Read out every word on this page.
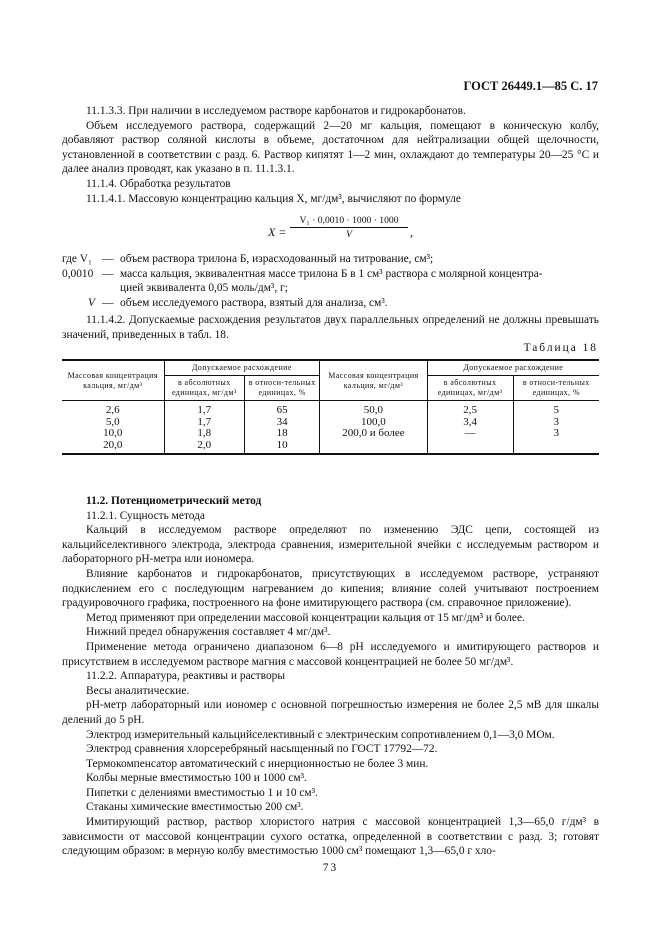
ГОСТ 26449.1—85 С. 17

11.1.3.3. При наличии в исследуемом растворе карбонатов и гидрокарбонатов.

Объем исследуемого раствора, содержащий 2—20 мг кальция, помещают в коническую колбу, добавляют раствор соляной кислоты в объеме, достаточном для нейтрализации общей щелочности, установленной в соответствии с разд. 6. Раствор кипятят 1—2 мин, охлаждают до температуры 20—25 °С и далее анализ проводят, как указано в п. 11.1.3.1.

11.1.4. Обработка результатов

11.1.4.1. Массовую концентрацию кальция X, мг/дм³, вычисляют по формуле

$X = \frac{\text{V₁ · 0,0010 · 1000 · 1000}}{V}$ ,
где V₁ — объем раствора трилона Б, израсходованный на титрование, см³;
0,0010 — масса кальция, эквивалентная массе трилона Б в 1 см³ раствора с молярной концентра-
цией эквивалента 0,05 моль/дм³, г;
V — объем исследуемого раствора, взятый для анализа, см³.

11.1.4.2. Допускаемые расхождения результатов двух параллельных определений не должны превышать значений, приведенных в табл. 18.

Таблица 18
Массовая концентрация кальция, мг/дм³	Допускаемое расхождение		Массовая концентрация кальция, мг/дм³	Допускаемое расхождение	
	в абсолютных единицах, мг/дм³	в относи-тельных единицах, %		в абсолютных единицах, мг/дм³	в относи-тельных единицах, %
2,6	1,7	65	50,0	2,5	5
5,0	1,7	34	100,0	3,4	3
10,0	1,8	18	200,0 и более	—	3
20,0	2,0	10			

11.2. Потенциометрический метод

11.2.1. Сущность метода

Кальций в исследуемом растворе определяют по изменению ЭДС цепи, состоящей из кальцийселективного электрода, электрода сравнения, измерительной ячейки с исследуемым раствором и лабораторного pH-метра или иономера.

Влияние карбонатов и гидрокарбонатов, присутствующих в исследуемом растворе, устраняют подкислением его с последующим нагреванием до кипения; влияние солей учитывают построением градуировочного графика, построенного на фоне имитирующего раствора (см. справочное приложение).

Метод применяют при определении массовой концентрации кальция от 15 мг/дм³ и более.

Нижний предел обнаружения составляет 4 мг/дм³.

Применение метода ограничено диапазоном 6—8 pH исследуемого и имитирующего растворов и присутствием в исследуемом растворе магния с массовой концентрацией не более 50 мг/дм³.

11.2.2. Аппаратура, реактивы и растворы

Весы аналитические.

pH-метр лабораторный или иономер с основной погрешностью измерения не более 2,5 мВ для шкалы делений до 5 pH.

Электрод измерительный кальцийселективный с электрическим сопротивлением 0,1—3,0 МОм.

Электрод сравнения хлорсеребряный насыщенный по ГОСТ 17792—72.

Термокомпенсатор автоматический с инерционностью не более 3 мин.

Колбы мерные вместимостью 100 и 1000 см³.

Пипетки с делениями вместимостью 1 и 10 см³.

Стаканы химические вместимостью 200 см³.

Имитирующий раствор, раствор хлористого натрия с массовой концентрацией 1,3—65,0 г/дм³ в зависимости от массовой концентрации сухого остатка, определенной в соответствии с разд. 3; готовят следующим образом: в мерную колбу вместимостью 1000 см³ помещают 1,3—65,0 г хло-

73
